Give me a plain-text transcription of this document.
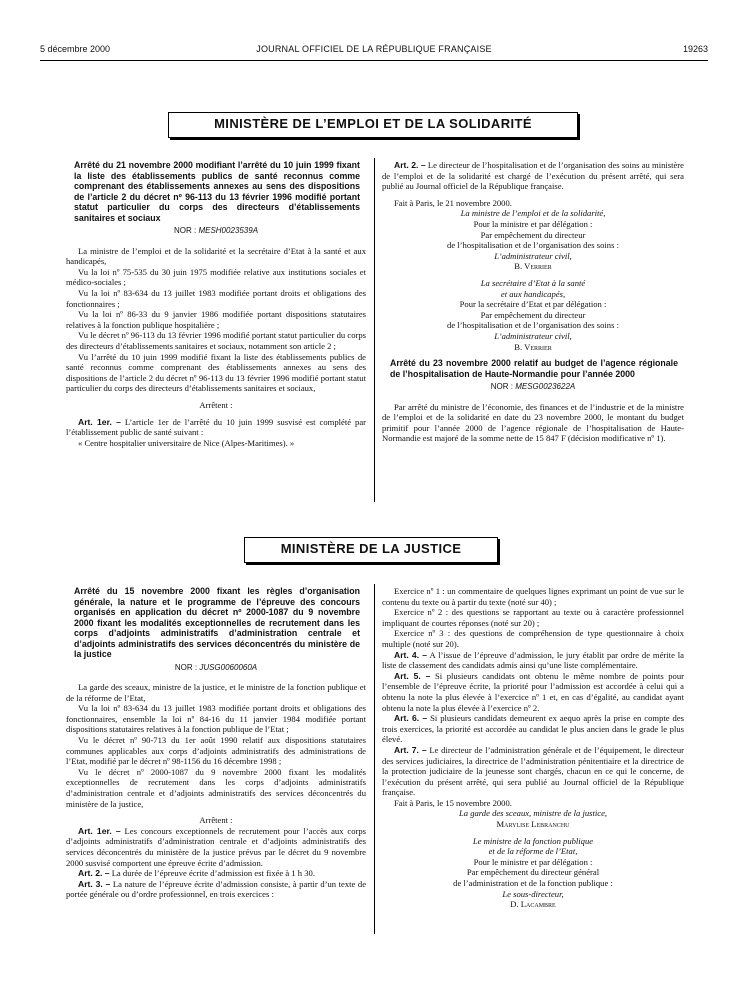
5 décembre 2000	JOURNAL OFFICIEL DE LA RÉPUBLIQUE FRANÇAISE	19263
MINISTÈRE DE L’EMPLOI ET DE LA SOLIDARITÉ
Arrêté du 21 novembre 2000 modifiant l’arrêté du 10 juin 1999 fixant la liste des établissements publics de santé reconnus comme comprenant des établissements annexes au sens des dispositions de l’article 2 du décret nº 96-113 du 13 février 1996 modifié portant statut particulier du corps des directeurs d’établissements sanitaires et sociaux
NOR : MESH0023539A

La ministre de l’emploi et de la solidarité et la secrétaire d’Etat à la santé et aux handicapés,

Vu la loi nº 75-535 du 30 juin 1975 modifiée relative aux institutions sociales et médico-sociales ;

Vu la loi nº 83-634 du 13 juillet 1983 modifiée portant droits et obligations des fonctionnaires ;

Vu la loi nº 86-33 du 9 janvier 1986 modifiée portant dispositions statutaires relatives à la fonction publique hospitalière ;

Vu le décret nº 96-113 du 13 février 1996 modifié portant statut particulier du corps des directeurs d’établissements sanitaires et sociaux, notamment son article 2 ;

Vu l’arrêté du 10 juin 1999 modifié fixant la liste des établissements publics de santé reconnus comme comprenant des établissements annexes au sens des dispositions de l’article 2 du décret nº 96-113 du 13 février 1996 modifié portant statut particulier du corps des directeurs d’établissements sanitaires et sociaux,

Arrêtent :

Art. 1er. – L’article 1er de l’arrêté du 10 juin 1999 susvisé est complété par l’établissement public de santé suivant :

« Centre hospitalier universitaire de Nice (Alpes-Maritimes). »

Art. 2. – Le directeur de l’hospitalisation et de l’organisation des soins au ministère de l’emploi et de la solidarité est chargé de l’exécution du présent arrêté, qui sera publié au Journal officiel de la République française.

Fait à Paris, le 21 novembre 2000.

La ministre de l’emploi et de la solidarité,

Pour la ministre et par délégation :

Par empêchement du directeur

de l’hospitalisation et de l’organisation des soins :

L’administrateur civil,

B. Verrier

La secrétaire d’Etat à la santé

et aux handicapés,

Pour la secrétaire d’Etat et par délégation :

Par empêchement du directeur

de l’hospitalisation et de l’organisation des soins :

L’administrateur civil,

B. Verrier

Arrêté du 23 novembre 2000 relatif au budget de l’agence régionale de l’hospitalisation de Haute-Normandie pour l’année 2000
NOR : MESG0023622A

Par arrêté du ministre de l’économie, des finances et de l’industrie et de la ministre de l’emploi et de la solidarité en date du 23 novembre 2000, le montant du budget primitif pour l’année 2000 de l’agence régionale de l’hospitalisation de Haute-Normandie est majoré de la somme nette de 15 847 F (décision modificative nº 1).

MINISTÈRE DE LA JUSTICE
Arrêté du 15 novembre 2000 fixant les règles d’organisation générale, la nature et le programme de l’épreuve des concours organisés en application du décret nº 2000-1087 du 9 novembre 2000 fixant les modalités exceptionnelles de recrutement dans les corps d’adjoints administratifs d’administration centrale et d’adjoints administratifs des services déconcentrés du ministère de la justice
NOR : JUSG0060060A

La garde des sceaux, ministre de la justice, et le ministre de la fonction publique et de la réforme de l’Etat,

Vu la loi nº 83-634 du 13 juillet 1983 modifiée portant droits et obligations des fonctionnaires, ensemble la loi nº 84-16 du 11 janvier 1984 modifiée portant dispositions statutaires relatives à la fonction publique de l’Etat ;

Vu le décret nº 90-713 du 1er août 1990 relatif aux dispositions statutaires communes applicables aux corps d’adjoints administratifs des administrations de l’Etat, modifié par le décret nº 98-1156 du 16 décembre 1998 ;

Vu le décret nº 2000-1087 du 9 novembre 2000 fixant les modalités exceptionnelles de recrutement dans les corps d’adjoints administratifs d’administration centrale et d’adjoints administratifs des services déconcentrés du ministère de la justice,

Arrêtent :

Art. 1er. – Les concours exceptionnels de recrutement pour l’accès aux corps d’adjoints administratifs d’administration centrale et d’adjoints administratifs des services déconcentrés du ministère de la justice prévus par le décret du 9 novembre 2000 susvisé comportent une épreuve écrite d’admission.

Art. 2. – La durée de l’épreuve écrite d’admission est fixée à 1 h 30.

Art. 3. – La nature de l’épreuve écrite d’admission consiste, à partir d’un texte de portée générale ou d’ordre professionnel, en trois exercices :

Exercice nº 1 : un commentaire de quelques lignes exprimant un point de vue sur le contenu du texte ou à partir du texte (noté sur 40) ;

Exercice nº 2 : des questions se rapportant au texte ou à caractère professionnel impliquant de courtes réponses (noté sur 20) ;

Exercice nº 3 : des questions de compréhension de type questionnaire à choix multiple (noté sur 20).

Art. 4. – A l’issue de l’épreuve d’admission, le jury établit par ordre de mérite la liste de classement des candidats admis ainsi qu’une liste complémentaire.

Art. 5. – Si plusieurs candidats ont obtenu le même nombre de points pour l’ensemble de l’épreuve écrite, la priorité pour l’admission est accordée à celui qui a obtenu la note la plus élevée à l’exercice nº 1 et, en cas d’égalité, au candidat ayant obtenu la note la plus élevée à l’exercice nº 2.

Art. 6. – Si plusieurs candidats demeurent ex aequo après la prise en compte des trois exercices, la priorité est accordée au candidat le plus ancien dans le grade le plus élevé.

Art. 7. – Le directeur de l’administration générale et de l’équipement, le directeur des services judiciaires, la directrice de l’administration pénitentiaire et la directrice de la protection judiciaire de la jeunesse sont chargés, chacun en ce qui le concerne, de l’exécution du présent arrêté, qui sera publié au Journal officiel de la République française.

Fait à Paris, le 15 novembre 2000.

La garde des sceaux, ministre de la justice,

Marylise Lebranchu

Le ministre de la fonction publique

et de la réforme de l’Etat,

Pour le ministre et par délégation :

Par empêchement du directeur général

de l’administration et de la fonction publique :

Le sous-directeur,

D. Lacambre
